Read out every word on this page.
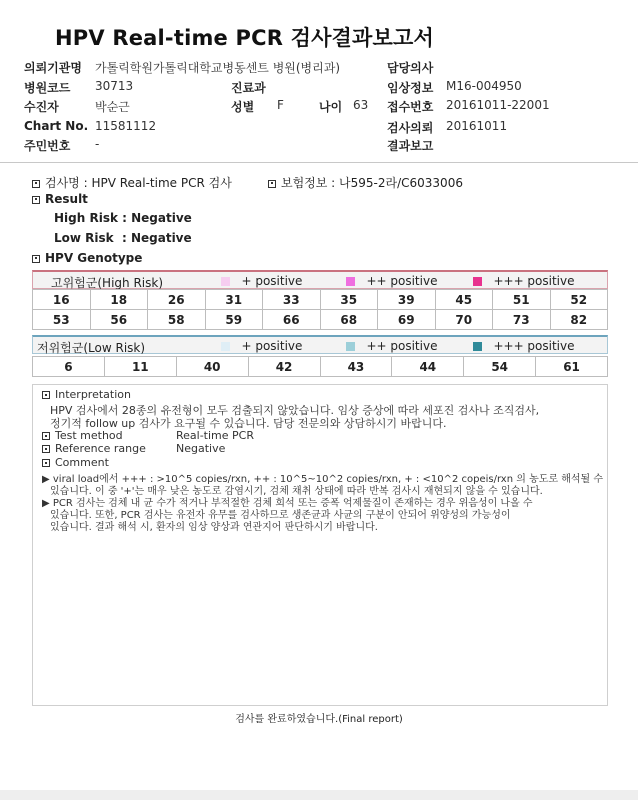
HPV Real-time PCR 검사결과보고서
의뢰기관명 가톨릭학원가톨릭대학교병동센트 병원(병리과)	담당의사
병원코드 30713	진료과	임상정보 M16-004950
수진자	박순근	성별 F	나이 63 접수번호 20161011-22001
Chart No. 11581112	검사의뢰 20161011
주민번호 -	결과보고
검사명 : HPV Real-time PCR 검사	보험정보 : 나595-2라/C6033006
Result
High Risk : Negative
Low Risk  : Negative
HPV Genotype
고위험군(High Risk)	+ positive	++ positive	+++ positive
16	18	26	31	33	35	39	45	51	52
53	56	58	59	66	68	69	70	73	82
저위험군(Low Risk)	+ positive	++ positive	+++ positive
6	11	40	42	43	44	54	61
Interpretation
HPV 검사에서 28종의 유전형이 모두 검출되지 않았습니다. 임상 증상에 따라 세포진 검사나 조직검사,
정기적 follow up 검사가 요구될 수 있습니다. 담당 전문의와 상담하시기 바랍니다.
Test method	Real-time PCR
Reference range	Negative
Comment
▶ viral load에서 +++ : >10^5 copies/rxn, ++ : 10^5~10^2 copies/rxn, + : <10^2 copeis/rxn 의 농도로 해석될 수
있습니다. 이 중 '+'는 매우 낮은 농도로 감염시기, 검체 채취 상태에 따라 반복 검사시 재현되지 않을 수 있습니다.
▶ PCR 검사는 검체 내 균 수가 적거나 부적절한 검체 희석 또는 증폭 억제물질이 존재하는 경우 위음성이 나올 수
있습니다. 또한, PCR 검사는 유전자 유무를 검사하므로 생존균과 사균의 구분이 안되어 위양성의 가능성이
있습니다. 결과 해석 시, 환자의 임상 양상과 연관지어 판단하시기 바랍니다.
검사를 완료하였습니다.(Final report)
